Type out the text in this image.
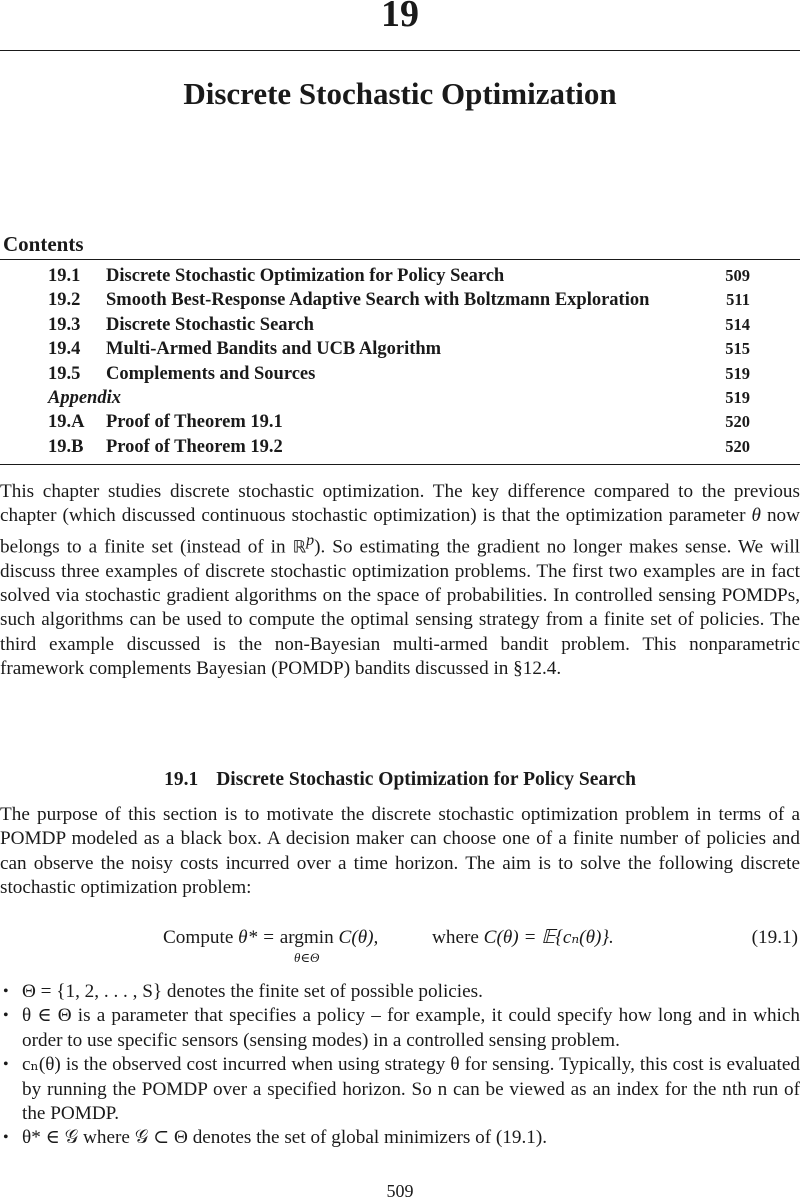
19
Discrete Stochastic Optimization
Contents
19.1 Discrete Stochastic Optimization for Policy Search	509
19.2 Smooth Best-Response Adaptive Search with Boltzmann Exploration	511
19.3 Discrete Stochastic Search	514
19.4 Multi-Armed Bandits and UCB Algorithm	515
19.5 Complements and Sources	519
Appendix	519
19.A Proof of Theorem 19.1	520
19.B Proof of Theorem 19.2	520

This chapter studies discrete stochastic optimization. The key difference compared to the previous chapter (which discussed continuous stochastic optimization) is that the optimization parameter θ now belongs to a finite set (instead of in ℝ$^p$). So estimating the gradient no longer makes sense. We will discuss three examples of discrete stochastic optimization problems. The first two examples are in fact solved via stochastic gradient algorithms on the space of probabilities. In controlled sensing POMDPs, such algorithms can be used to compute the optimal sensing strategy from a finite set of policies. The third example discussed is the non-Bayesian multi-armed bandit problem. This nonparametric framework complements Bayesian (POMDP) bandits discussed in §12.4.

19.1 Discrete Stochastic Optimization for Policy Search

The purpose of this section is to motivate the discrete stochastic optimization problem in terms of a POMDP modeled as a black box. A decision maker can choose one of a finite number of policies and can observe the noisy costs incurred over a time horizon. The aim is to solve the following discrete stochastic optimization problem:

Compute θ* = argmin
θ∈Θ
C(θ),	where C(θ) = 𝔼{cₙ(θ)}.	(19.1)
• Θ = {1, 2, . . . , S} denotes the finite set of possible policies.
• θ ∈ Θ is a parameter that specifies a policy – for example, it could specify how long and in which order to use specific sensors (sensing modes) in a controlled sensing problem.
• cₙ(θ) is the observed cost incurred when using strategy θ for sensing. Typically, this cost is evaluated by running the POMDP over a specified horizon. So n can be viewed as an index for the nth run of the POMDP.
• θ* ∈ 𝒢 where 𝒢 ⊂ Θ denotes the set of global minimizers of (19.1).
509
